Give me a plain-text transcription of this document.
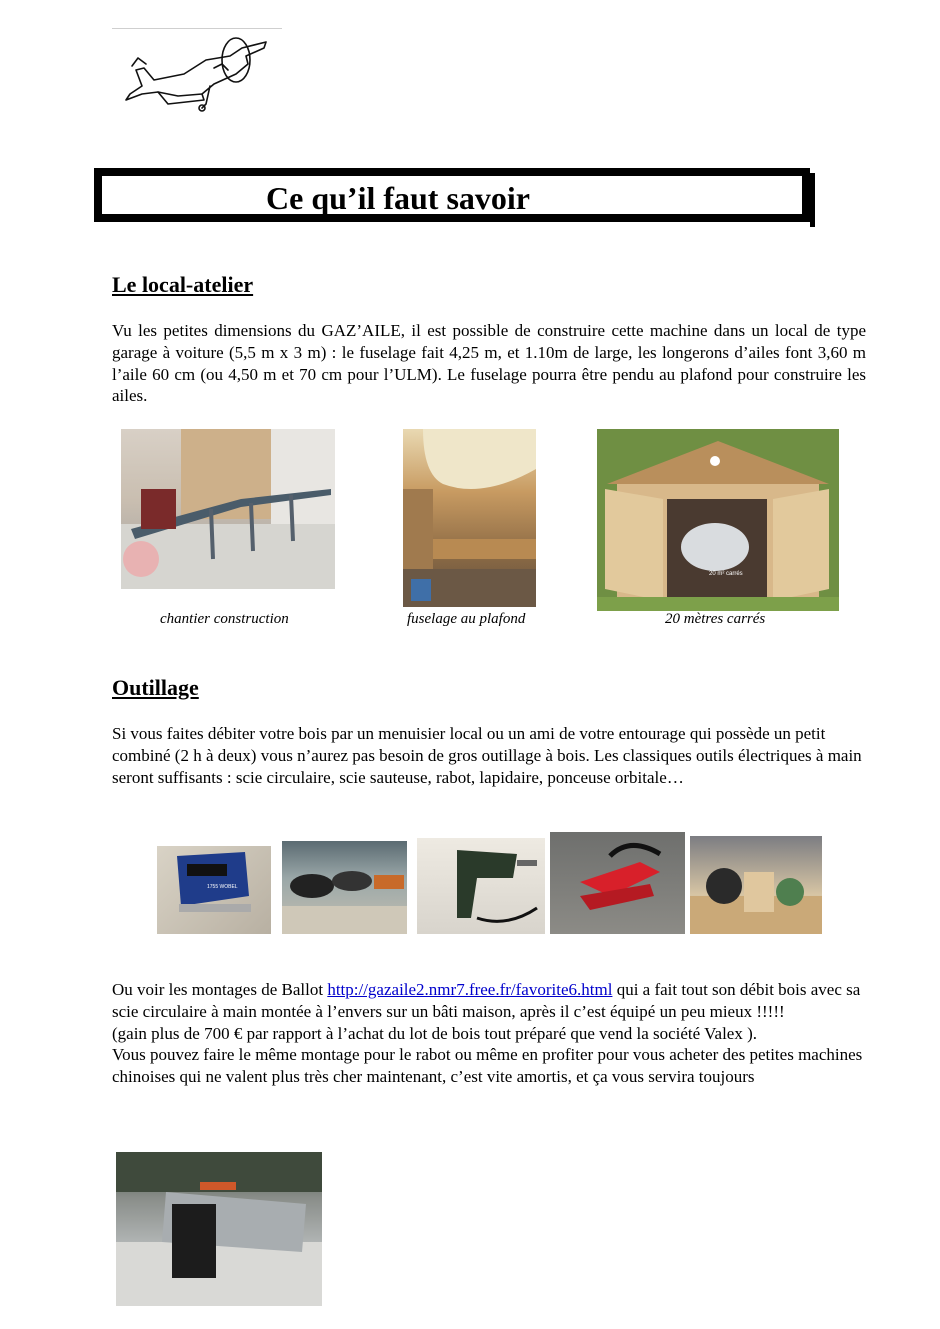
Ce qu’il faut savoir
Le local-atelier
Vu les petites dimensions du GAZ’AILE, il est possible de construire cette machine dans un local de type garage à voiture (5,5 m x 3 m) : le fuselage fait 4,25 m, et 1.10m de large, les longerons d’ailes font 3,60 m l’aile 60 cm (ou 4,50 m et 70 cm pour l’ULM). Le fuselage pourra être pendu au plafond pour construire les ailes.
20 m² carrés
chantier construction	fuselage au plafond	20 mètres carrés
Outillage
Si vous faites débiter votre bois par un menuisier local ou un ami de votre entourage qui possède un petit combiné (2 h à deux) vous n’aurez pas besoin de gros outillage à bois. Les classiques outils électriques à main seront suffisants : scie circulaire, scie sauteuse, rabot, lapidaire, ponceuse orbitale…
1755 WOBEL
Ou voir les montages de Ballot http://gazaile2.nmr7.free.fr/favorite6.html qui a fait tout son débit bois avec sa scie circulaire à main montée à l’envers sur un bâti maison, après il c’est équipé un peu mieux !!!!!
(gain plus de 700 € par rapport à l’achat du lot de bois tout préparé que vend la société Valex ).
Vous pouvez faire le même montage pour le rabot ou même en profiter pour vous acheter des petites machines chinoises qui ne valent plus très cher maintenant, c’est vite amortis, et ça vous servira toujours
